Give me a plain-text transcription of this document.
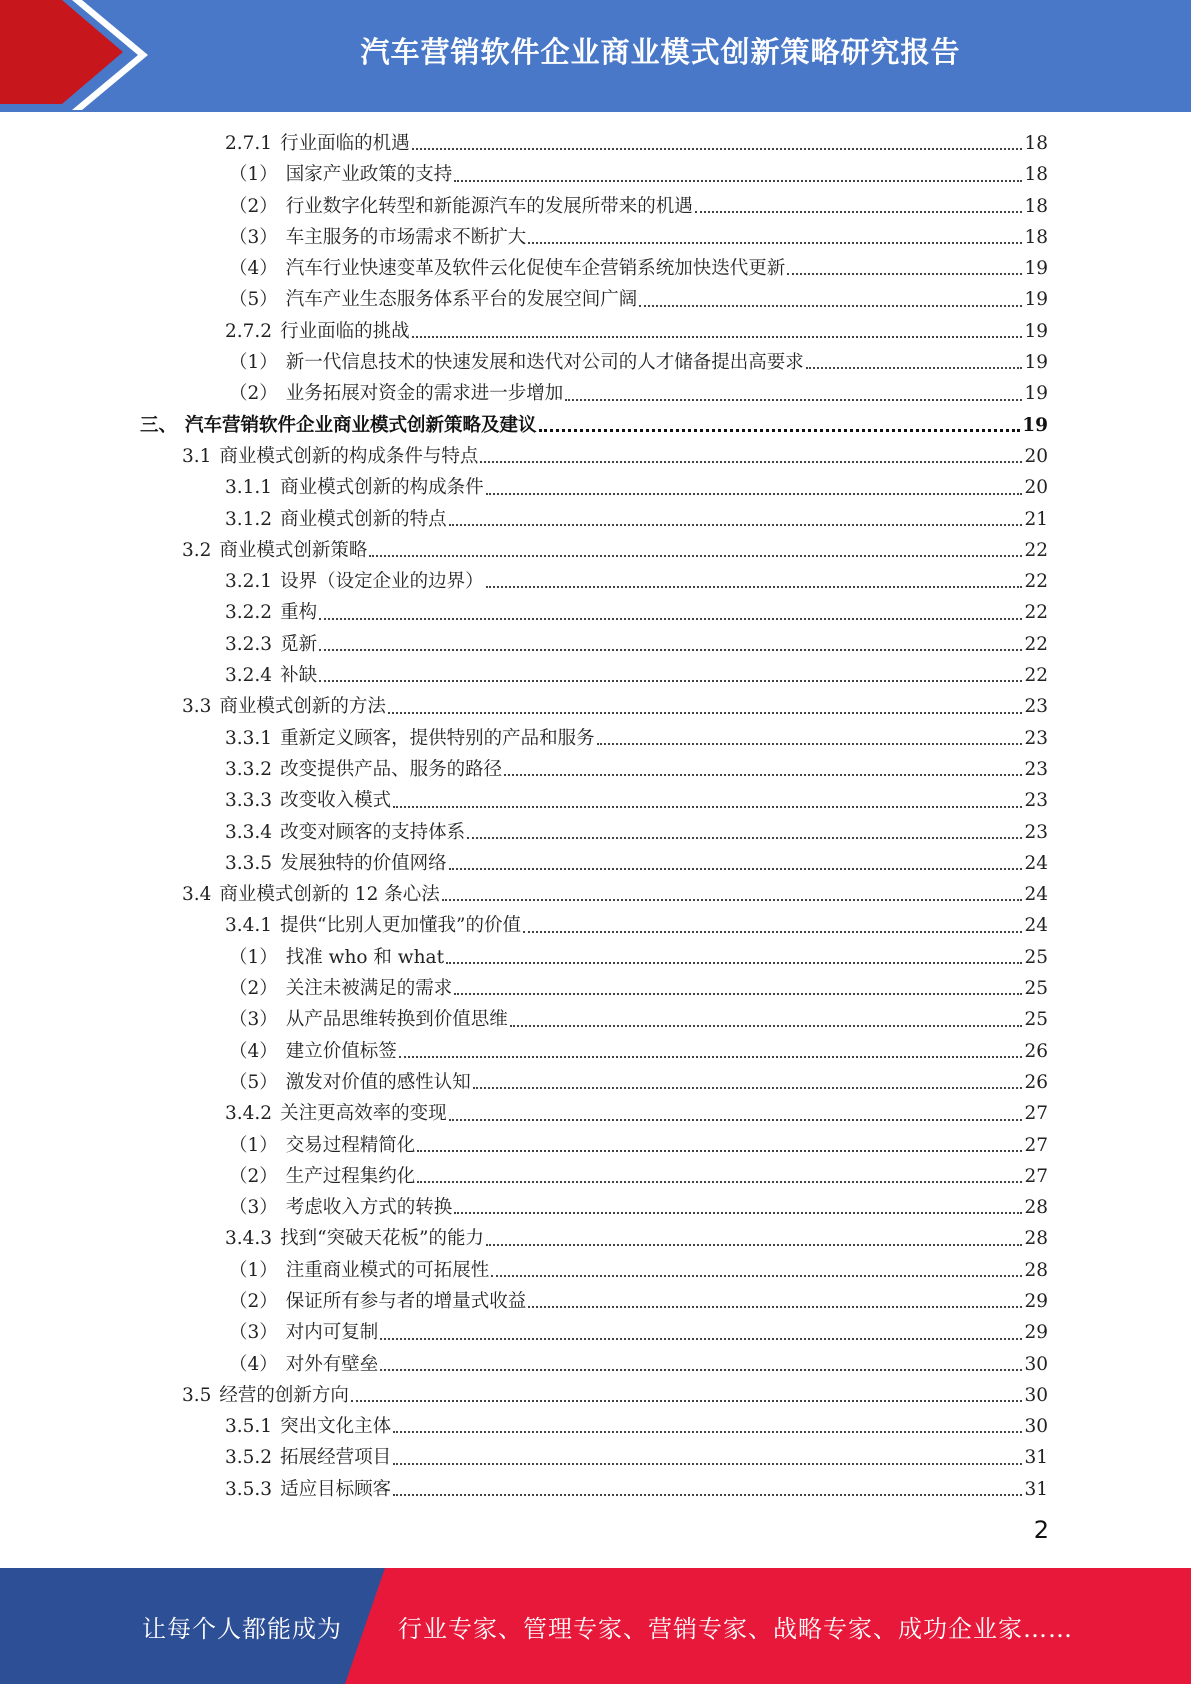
汽车营销软件企业商业模式创新策略研究报告
2.7.1 行业面临的机遇	18
（1） 国家产业政策的支持	18
（2） 行业数字化转型和新能源汽车的发展所带来的机遇	18
（3） 车主服务的市场需求不断扩大	18
（4） 汽车行业快速变革及软件云化促使车企营销系统加快迭代更新	19
（5） 汽车产业生态服务体系平台的发展空间广阔	19
2.7.2 行业面临的挑战	19
（1） 新一代信息技术的快速发展和迭代对公司的人才储备提出高要求	19
（2） 业务拓展对资金的需求进一步增加	19
三、 汽车营销软件企业商业模式创新策略及建议	19
3.1 商业模式创新的构成条件与特点	20
3.1.1 商业模式创新的构成条件	20
3.1.2 商业模式创新的特点	21
3.2 商业模式创新策略	22
3.2.1 设界（设定企业的边界）	22
3.2.2 重构	22
3.2.3 觅新	22
3.2.4 补缺	22
3.3 商业模式创新的方法	23
3.3.1 重新定义顾客，提供特别的产品和服务	23
3.3.2 改变提供产品、服务的路径	23
3.3.3 改变收入模式	23
3.3.4 改变对顾客的支持体系	23
3.3.5 发展独特的价值网络	24
3.4 商业模式创新的 12 条心法	24
3.4.1 提供“比别人更加懂我”的价值	24
（1） 找准 who 和 what	25
（2） 关注未被满足的需求	25
（3） 从产品思维转换到价值思维	25
（4） 建立价值标签	26
（5） 激发对价值的感性认知	26
3.4.2 关注更高效率的变现	27
（1） 交易过程精简化	27
（2） 生产过程集约化	27
（3） 考虑收入方式的转换	28
3.4.3 找到“突破天花板”的能力	28
（1） 注重商业模式的可拓展性	28
（2） 保证所有参与者的增量式收益	29
（3） 对内可复制	29
（4） 对外有壁垒	30
3.5 经营的创新方向	30
3.5.1 突出文化主体	30
3.5.2 拓展经营项目	31
3.5.3 适应目标顾客	31
2
让每个人都能成为 行业专家、管理专家、营销专家、战略专家、成功企业家……
